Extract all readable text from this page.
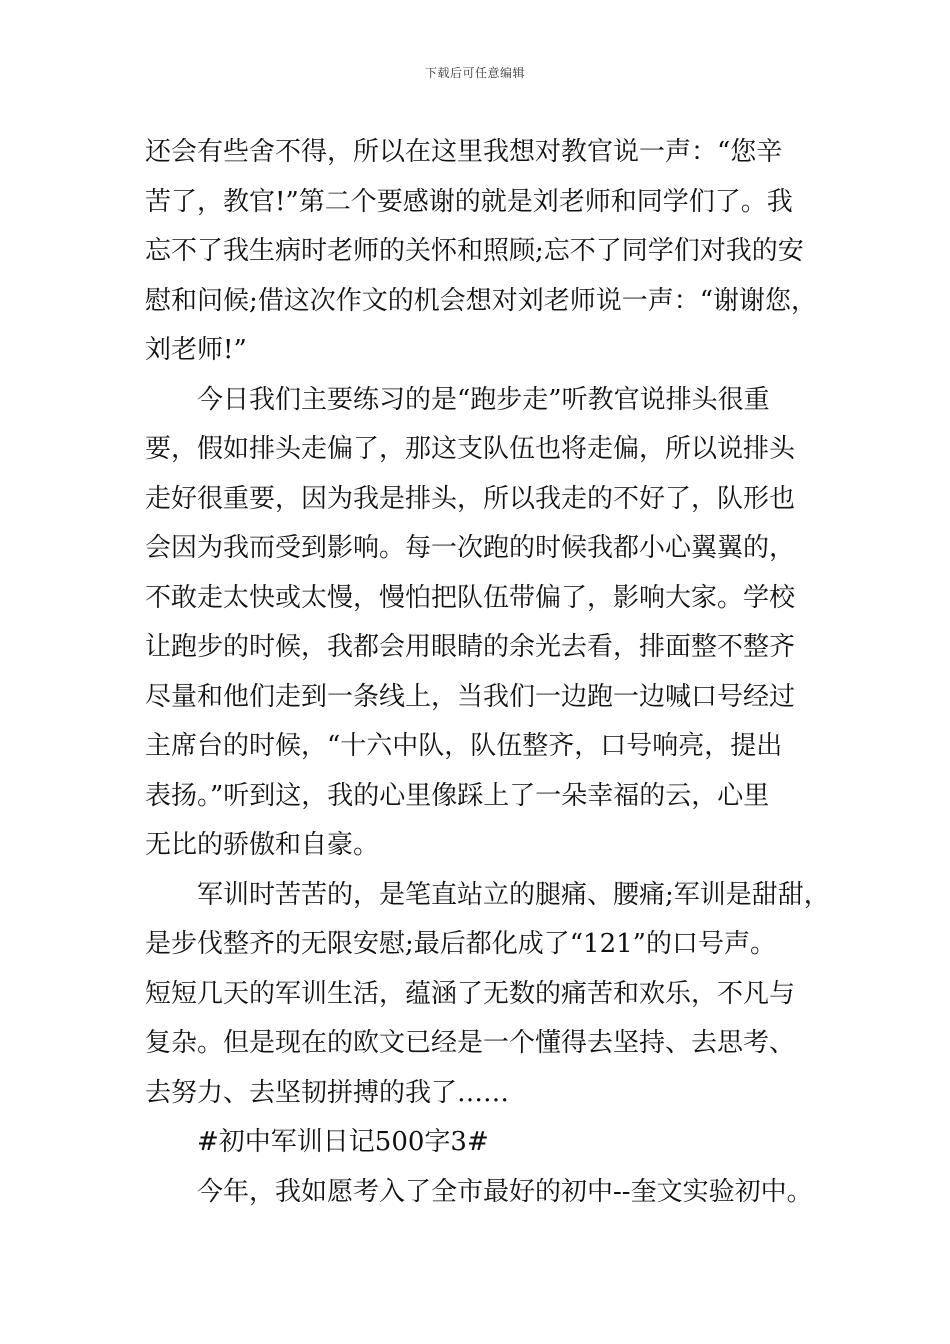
下载后可任意编辑
还会有些舍不得，所以在这里我想对教官说一声：“您辛
苦了，教官!”第二个要感谢的就是刘老师和同学们了。我
忘不了我生病时老师的关怀和照顾;忘不了同学们对我的安
慰和问候;借这次作文的机会想对刘老师说一声：“谢谢您，
刘老师!”
今日我们主要练习的是“跑步走”听教官说排头很重
要，假如排头走偏了，那这支队伍也将走偏，所以说排头
走好很重要，因为我是排头，所以我走的不好了，队形也
会因为我而受到影响。每一次跑的时候我都小心翼翼的，
不敢走太快或太慢，慢怕把队伍带偏了，影响大家。学校
让跑步的时候，我都会用眼睛的余光去看，排面整不整齐
尽量和他们走到一条线上，当我们一边跑一边喊口号经过
主席台的时候，“十六中队，队伍整齐，口号响亮，提出
表扬。”听到这，我的心里像踩上了一朵幸福的云，心里
无比的骄傲和自豪。
军训时苦苦的，是笔直站立的腿痛、腰痛;军训是甜甜，
是步伐整齐的无限安慰;最后都化成了“121”的口号声。
短短几天的军训生活，蕴涵了无数的痛苦和欢乐，不凡与
复杂。但是现在的欧文已经是一个懂得去坚持、去思考、
去努力、去坚韧拼搏的我了……
#初中军训日记500字3#
今年，我如愿考入了全市最好的初中--奎文实验初中。
